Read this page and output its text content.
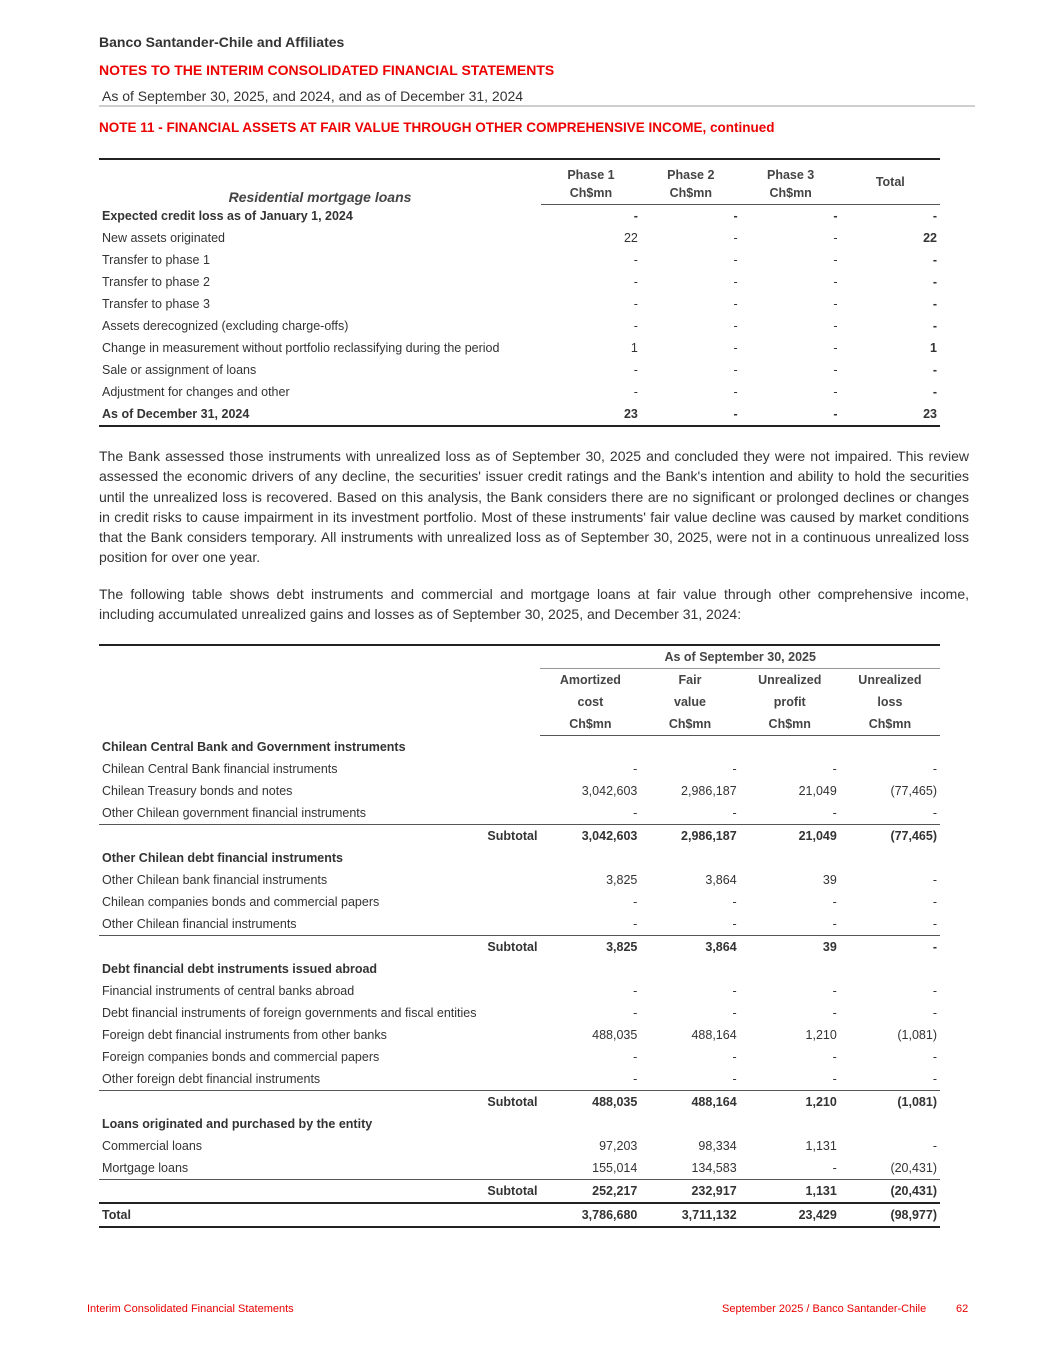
Banco Santander-Chile and Affiliates
NOTES TO THE INTERIM CONSOLIDATED FINANCIAL STATEMENTS
As of September 30, 2025, and 2024, and as of December 31, 2024
NOTE 11 - FINANCIAL ASSETS AT FAIR VALUE THROUGH OTHER COMPREHENSIVE INCOME, continued
Residential mortgage loans	Phase 1	Phase 2	Phase 3	Total
	Ch$mn	Ch$mn	Ch$mn	
Expected credit loss as of January 1, 2024	-	-	-	-
New assets originated	22	-	-	22
Transfer to phase 1	-	-	-	-
Transfer to phase 2	-	-	-	-
Transfer to phase 3	-	-	-	-
Assets derecognized (excluding charge-offs)	-	-	-	-
Change in measurement without portfolio reclassifying during the period	1	-	-	1
Sale or assignment of loans	-	-	-	-
Adjustment for changes and other	-	-	-	-
As of December 31, 2024	23	-	-	23

The Bank assessed those instruments with unrealized loss as of September 30, 2025 and concluded they were not impaired. This review assessed the economic drivers of any decline, the securities' issuer credit ratings and the Bank's intention and ability to hold the securities until the unrealized loss is recovered. Based on this analysis, the Bank considers there are no significant or prolonged declines or changes in credit risks to cause impairment in its investment portfolio. Most of these instruments' fair value decline was caused by market conditions that the Bank considers temporary. All instruments with unrealized loss as of September 30, 2025, were not in a continuous unrealized loss position for over one year.

The following table shows debt instruments and commercial and mortgage loans at fair value through other comprehensive income, including accumulated unrealized gains and losses as of September 30, 2025, and December 31, 2024:

	As of September 30, 2025			
	Amortized	Fair	Unrealized	Unrealized
	cost	value	profit	loss
	Ch$mn	Ch$mn	Ch$mn	Ch$mn
Chilean Central Bank and Government instruments				
Chilean Central Bank financial instruments	-	-	-	-
Chilean Treasury bonds and notes	3,042,603	2,986,187	21,049	(77,465)
Other Chilean government financial instruments	-	-	-	-
Subtotal	3,042,603	2,986,187	21,049	(77,465)
Other Chilean debt financial instruments				
Other Chilean bank financial instruments	3,825	3,864	39	-
Chilean companies bonds and commercial papers	-	-	-	-
Other Chilean financial instruments	-	-	-	-
Subtotal	3,825	3,864	39	-
Debt financial debt instruments issued abroad				
Financial instruments of central banks abroad	-	-	-	-
Debt financial instruments of foreign governments and fiscal entities	-	-	-	-
Foreign debt financial instruments from other banks	488,035	488,164	1,210	(1,081)
Foreign companies bonds and commercial papers	-	-	-	-
Other foreign debt financial instruments	-	-	-	-
Subtotal	488,035	488,164	1,210	(1,081)
Loans originated and purchased by the entity				
Commercial loans	97,203	98,334	1,131	-
Mortgage loans	155,014	134,583	-	(20,431)
Subtotal	252,217	232,917	1,131	(20,431)
Total	3,786,680	3,711,132	23,429	(98,977)
Interim Consolidated Financial Statements	September 2025 / Banco Santander-Chile	62
